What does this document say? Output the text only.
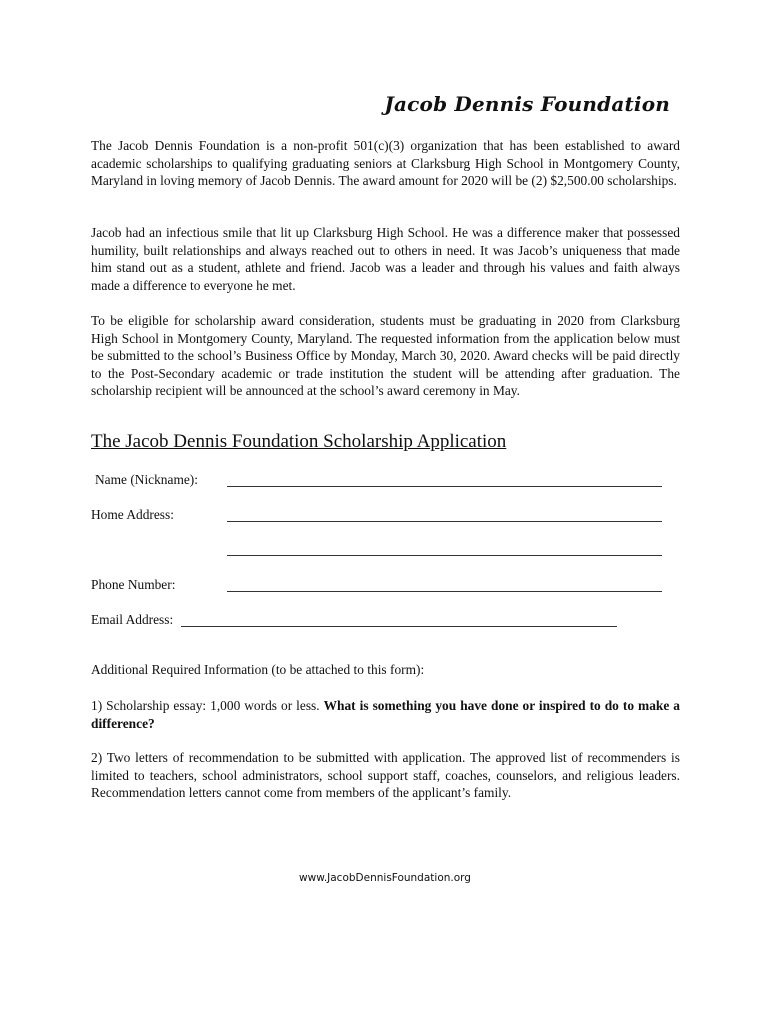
Jacob Dennis Foundation

The Jacob Dennis Foundation is a non-profit 501(c)(3) organization that has been established to award academic scholarships to qualifying graduating seniors at Clarksburg High School in Montgomery County, Maryland in loving memory of Jacob Dennis. The award amount for 2020 will be (2) $2,500.00 scholarships.

Jacob had an infectious smile that lit up Clarksburg High School. He was a difference maker that possessed humility, built relationships and always reached out to others in need. It was Jacob’s uniqueness that made him stand out as a student, athlete and friend. Jacob was a leader and through his values and faith always made a difference to everyone he met.

To be eligible for scholarship award consideration, students must be graduating in 2020 from Clarksburg High School in Montgomery County, Maryland. The requested information from the application below must be submitted to the school’s Business Office by Monday, March 30, 2020. Award checks will be paid directly to the Post-Secondary academic or trade institution the student will be attending after graduation. The scholarship recipient will be announced at the school’s award ceremony in May.

The Jacob Dennis Foundation Scholarship Application
Name (Nickname):
Home Address:
Phone Number:
Email Address:
Additional Required Information (to be attached to this form):

1) Scholarship essay: 1,000 words or less. What is something you have done or inspired to do to make a difference?

2) Two letters of recommendation to be submitted with application. The approved list of recommenders is limited to teachers, school administrators, school support staff, coaches, counselors, and religious leaders. Recommendation letters cannot come from members of the applicant’s family.

www.JacobDennisFoundation.org
